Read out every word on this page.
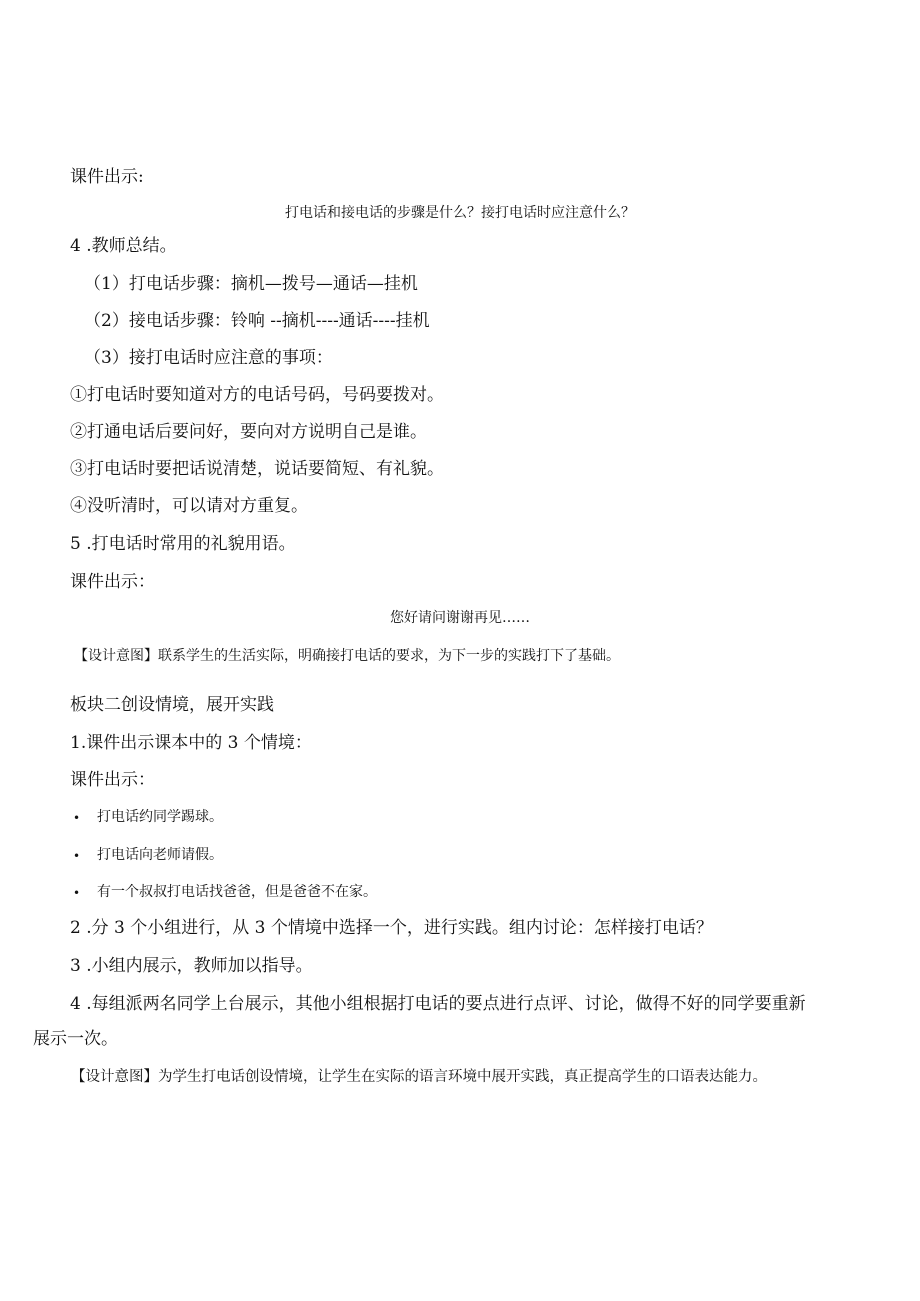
课件出示:
打电话和接电话的步骤是什么？接打电话时应注意什么？
4 .教师总结。
（1）打电话步骤：摘机—拨号—通话—挂机
（2）接电话步骤：铃响 --摘机----通话----挂机
（3）接打电话时应注意的事项：
①打电话时要知道对方的电话号码，号码要拨对。
②打通电话后要问好，要向对方说明自己是谁。
③打电话时要把话说清楚，说话要简短、有礼貌。
④没听清时，可以请对方重复。
5 .打电话时常用的礼貌用语。
课件出示：
您好请问谢谢再见……
【设计意图】联系学生的生活实际，明确接打电话的要求，为下一步的实践打下了基础。
板块二创设情境，展开实践
1.课件出示课本中的 3 个情境：
课件出示：
• 打电话约同学踢球。
• 打电话向老师请假。
• 有一个叔叔打电话找爸爸，但是爸爸不在家。
2 .分 3 个小组进行，从 3 个情境中选择一个，进行实践。组内讨论：怎样接打电话？
3 .小组内展示，教师加以指导。
4 .每组派两名同学上台展示，其他小组根据打电话的要点进行点评、讨论，做得不好的同学要重新
展示一次。
【设计意图】为学生打电话创设情境，让学生在实际的语言环境中展开实践，真正提高学生的口语表达能力。
